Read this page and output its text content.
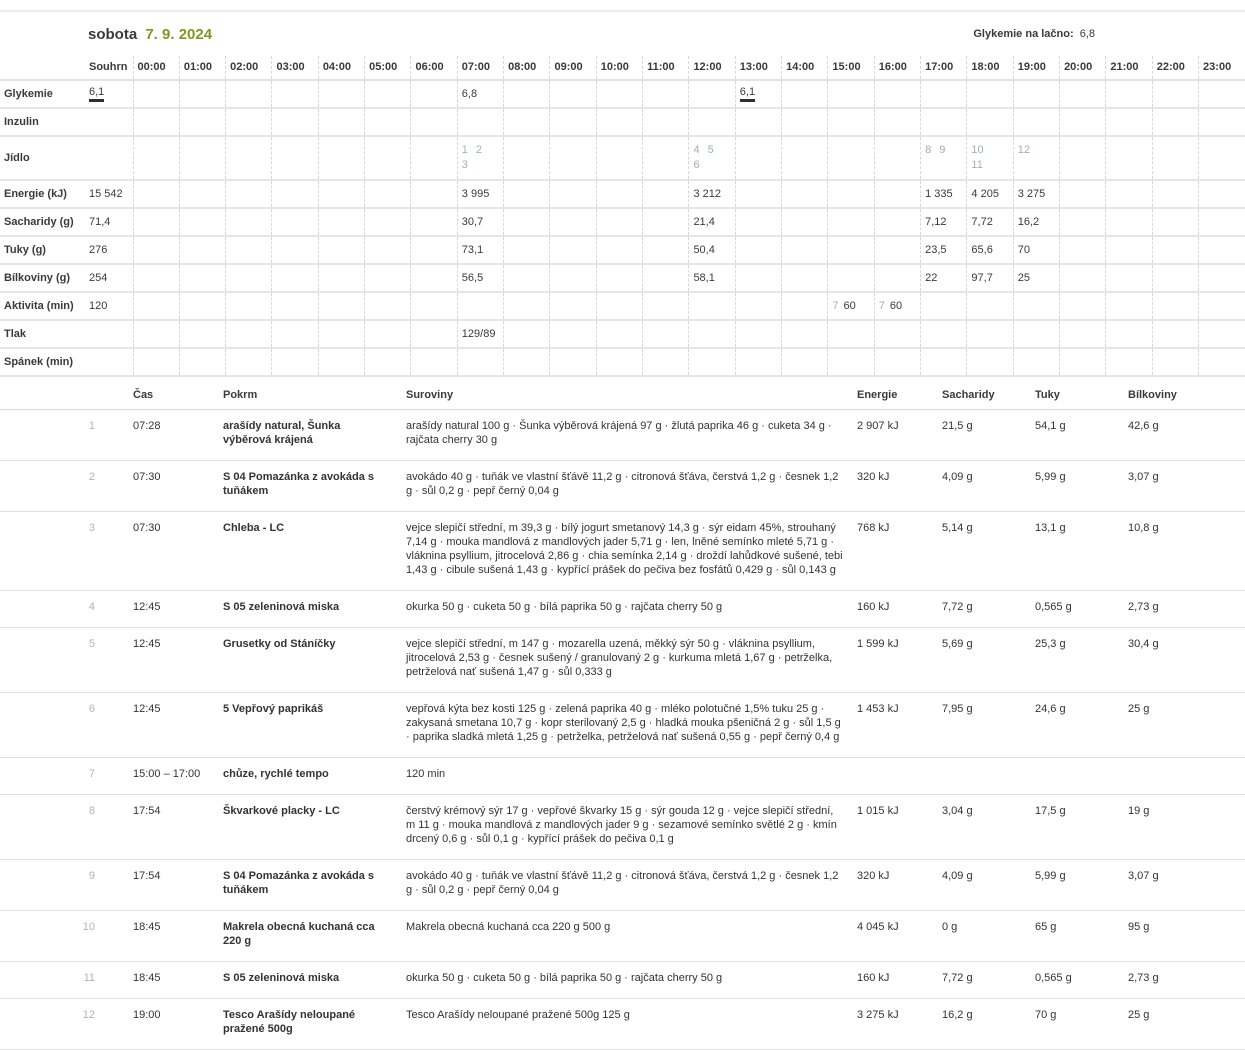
sobota 7. 9. 2024	Glykemie na lačno: 6,8
	Souhrn	00:00	01:00	02:00	03:00	04:00	05:00	06:00	07:00	08:00	09:00	10:00	11:00	12:00	13:00	14:00	15:00	16:00	17:00	18:00	19:00	20:00	21:00	22:00	23:00
Glykemie	6,1								6,8						6,1										
Inzulin																									
Jídlo									1 23					4 56					8 9	1011	12				

Energie (kJ)	15 542								3 995					3 212					1 335	4 205	3 275				
Sacharidy (g)	71,4								30,7					21,4					7,12	7,72	16,2				
Tuky (g)	276								73,1					50,4					23,5	65,6	70				
Bílkoviny (g)	254								56,5					58,1					22	97,7	25				
Aktivita (min)	120																7 60	7 60							
Tlak									129/89																
Spánek (min)																									
	Čas	Pokrm	Suroviny	Energie	Sacharidy	Tuky	Bílkoviny
1	07:28	arašídy natural, Šunka výběrová krájená	arašídy natural 100 g · Šunka výběrová krájená 97 g · žlutá paprika 46 g · cuketa 34 g · rajčata cherry 30 g	2 907 kJ	21,5 g	54,1 g	42,6 g
2	07:30	S 04 Pomazánka z avokáda s tuňákem	avokádo 40 g · tuňák ve vlastní šťávě 11,2 g · citronová šťáva, čerstvá 1,2 g · česnek 1,2 g · sůl 0,2 g · pepř černý 0,04 g	320 kJ	4,09 g	5,99 g	3,07 g
3	07:30	Chleba - LC	vejce slepičí střední, m 39,3 g · bílý jogurt smetanový 14,3 g · sýr eidam 45%, strouhaný 7,14 g · mouka mandlová z mandlových jader 5,71 g · len, lněné semínko mleté 5,71 g · vláknina psyllium, jitrocelová 2,86 g · chia semínka 2,14 g · droždí lahůdkové sušené, tebi 1,43 g · cibule sušená 1,43 g · kypřící prášek do pečiva bez fosfátů 0,429 g · sůl 0,143 g	768 kJ	5,14 g	13,1 g	10,8 g
4	12:45	S 05 zeleninová miska	okurka 50 g · cuketa 50 g · bílá paprika 50 g · rajčata cherry 50 g	160 kJ	7,72 g	0,565 g	2,73 g
5	12:45	Grusetky od Stáníčky	vejce slepičí střední, m 147 g · mozarella uzená, měkký sýr 50 g · vláknina psyllium, jitrocelová 2,53 g · česnek sušený / granulovaný 2 g · kurkuma mletá 1,67 g · petrželka, petrželová nať sušená 1,47 g · sůl 0,333 g	1 599 kJ	5,69 g	25,3 g	30,4 g
6	12:45	5 Vepřový paprikáš	vepřová kýta bez kosti 125 g · zelená paprika 40 g · mléko polotučné 1,5% tuku 25 g · zakysaná smetana 10,7 g · kopr sterilovaný 2,5 g · hladká mouka pšeničná 2 g · sůl 1,5 g · paprika sladká mletá 1,25 g · petrželka, petrželová nať sušená 0,55 g · pepř černý 0,4 g	1 453 kJ	7,95 g	24,6 g	25 g
7	15:00 – 17:00	chůze, rychlé tempo	120 min				
8	17:54	Škvarkové placky - LC	čerstvý krémový sýr 17 g · vepřové škvarky 15 g · sýr gouda 12 g · vejce slepičí střední, m 11 g · mouka mandlová z mandlových jader 9 g · sezamové semínko světlé 2 g · kmín drcený 0,6 g · sůl 0,1 g · kypřící prášek do pečiva 0,1 g	1 015 kJ	3,04 g	17,5 g	19 g
9	17:54	S 04 Pomazánka z avokáda s tuňákem	avokádo 40 g · tuňák ve vlastní šťávě 11,2 g · citronová šťáva, čerstvá 1,2 g · česnek 1,2 g · sůl 0,2 g · pepř černý 0,04 g	320 kJ	4,09 g	5,99 g	3,07 g
10	18:45	Makrela obecná kuchaná cca 220 g	Makrela obecná kuchaná cca 220 g 500 g	4 045 kJ	0 g	65 g	95 g
11	18:45	S 05 zeleninová miska	okurka 50 g · cuketa 50 g · bílá paprika 50 g · rajčata cherry 50 g	160 kJ	7,72 g	0,565 g	2,73 g
12	19:00	Tesco Arašídy neloupané pražené 500g	Tesco Arašídy neloupané pražené 500g 125 g	3 275 kJ	16,2 g	70 g	25 g
